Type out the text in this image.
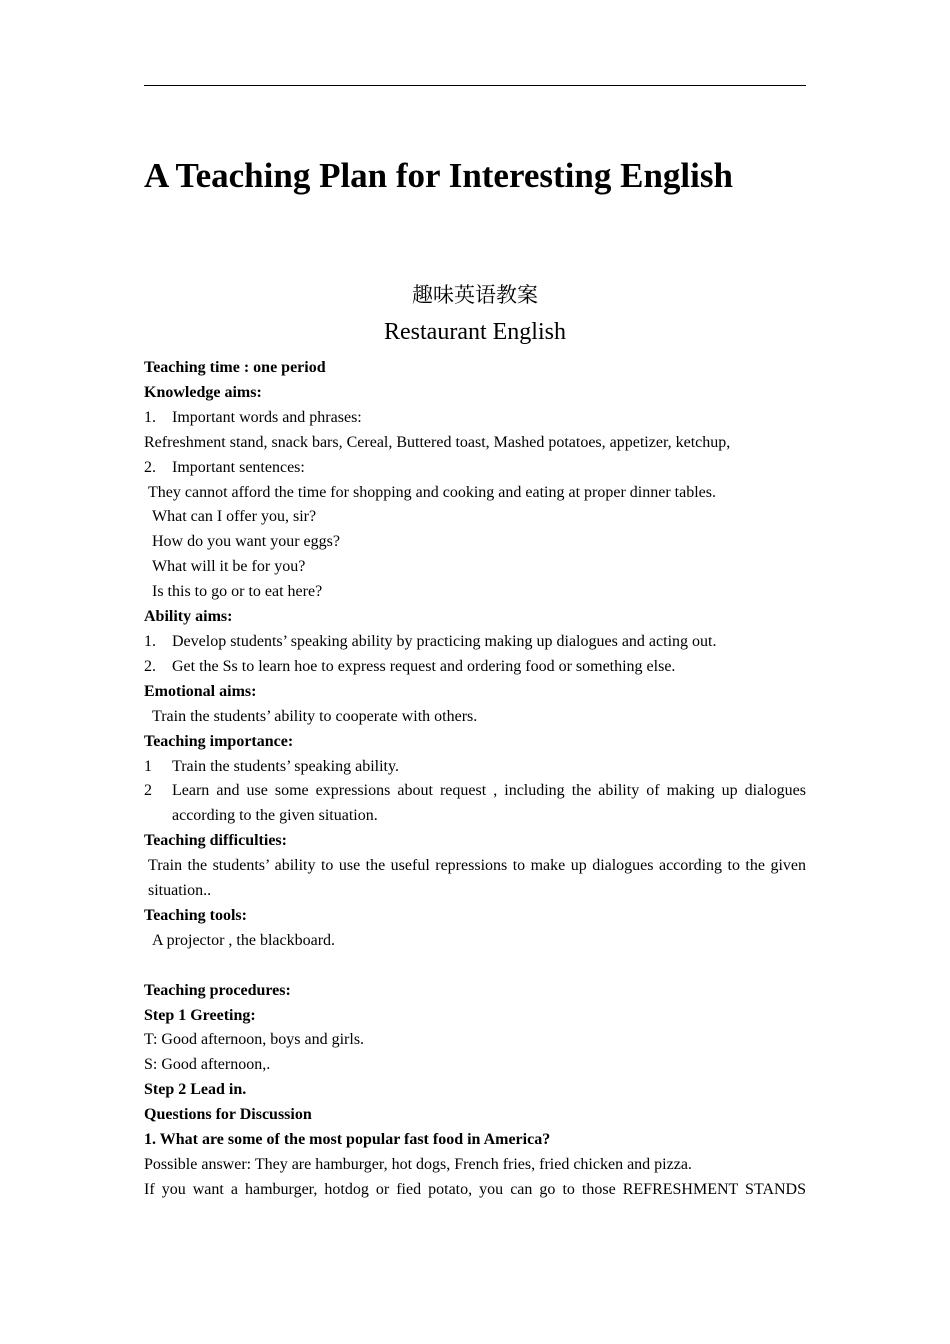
A Teaching Plan for Interesting English
趣味英语教案
Restaurant English
Teaching time : one period
Knowledge aims:
1.	Important words and phrases:
Refreshment stand, snack bars, Cereal, Buttered toast, Mashed potatoes, appetizer, ketchup,
2.	Important sentences:
They cannot afford the time for shopping and cooking and eating at proper dinner tables.
What can I offer you, sir?
How do you want your eggs?
What will it be for you?
Is this to go or to eat here?
Ability aims:
1.	Develop students’ speaking ability by practicing making up dialogues and acting out.
2.	Get the Ss to learn hoe to express request and ordering food or something else.
Emotional aims:
Train the students’ ability to cooperate with others.
Teaching importance:
1	Train the students’ speaking ability.
2	Learn and use some expressions about request , including the ability of making up dialogues
according to the given situation.
Teaching difficulties:
Train the students’ ability to use the useful repressions to make up dialogues according to the given situation..
Teaching tools:
A projector , the blackboard.
Teaching procedures:
Step 1 Greeting:
T: Good afternoon, boys and girls.
S: Good afternoon,.
Step 2 Lead in.
Questions for Discussion
1. What are some of the most popular fast food in America?
Possible answer: They are hamburger, hot dogs, French fries, fried chicken and pizza.
If you want a hamburger, hotdog or fied potato, you can go to those REFRESHMENT STANDS
